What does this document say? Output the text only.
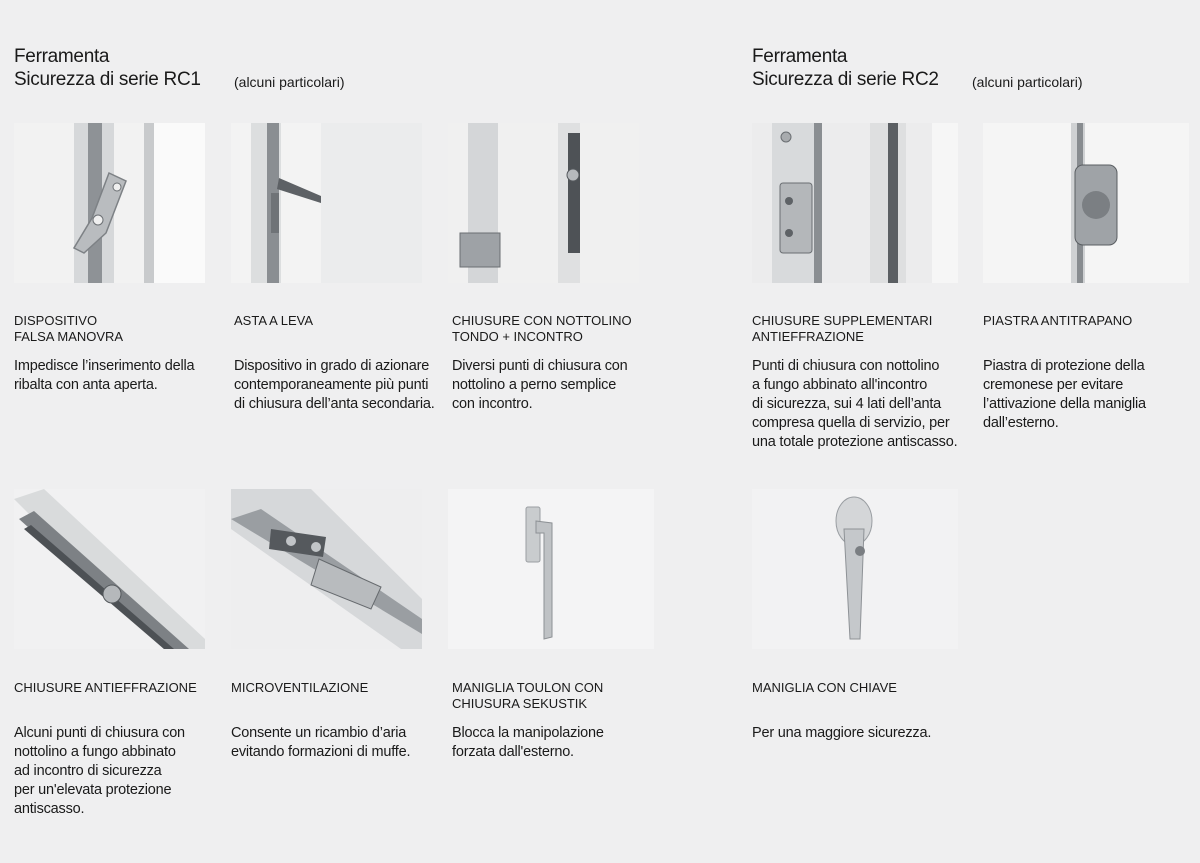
Ferramenta
Sicurezza di serie RC1 (alcuni particolari)
Ferramenta
Sicurezza di serie RC2 (alcuni particolari)
DISPOSITIVO
FALSA MANOVRA
Impedisce l’inserimento della
ribalta con anta aperta.
ASTA A LEVA
Dispositivo in grado di azionare
contemporaneamente più punti
di chiusura dell’anta secondaria.
CHIUSURE CON NOTTOLINO
TONDO + INCONTRO
Diversi punti di chiusura con
nottolino a perno semplice
con incontro.
CHIUSURE SUPPLEMENTARI
ANTIEFFRAZIONE
Punti di chiusura con nottolino
a fungo abbinato all'incontro
di sicurezza, sui 4 lati dell’anta
compresa quella di servizio, per
una totale protezione antiscasso.
PIASTRA ANTITRAPANO
Piastra di protezione della
cremonese per evitare
l’attivazione della maniglia
dall’esterno.
CHIUSURE ANTIEFFRAZIONE
Alcuni punti di chiusura con
nottolino a fungo abbinato
ad incontro di sicurezza
per un'elevata protezione
antiscasso.
MICROVENTILAZIONE
Consente un ricambio d’aria
evitando formazioni di muffe.
MANIGLIA TOULON CON
CHIUSURA SEKUSTIK
Blocca la manipolazione
forzata dall'esterno.
MANIGLIA CON CHIAVE
Per una maggiore sicurezza.
